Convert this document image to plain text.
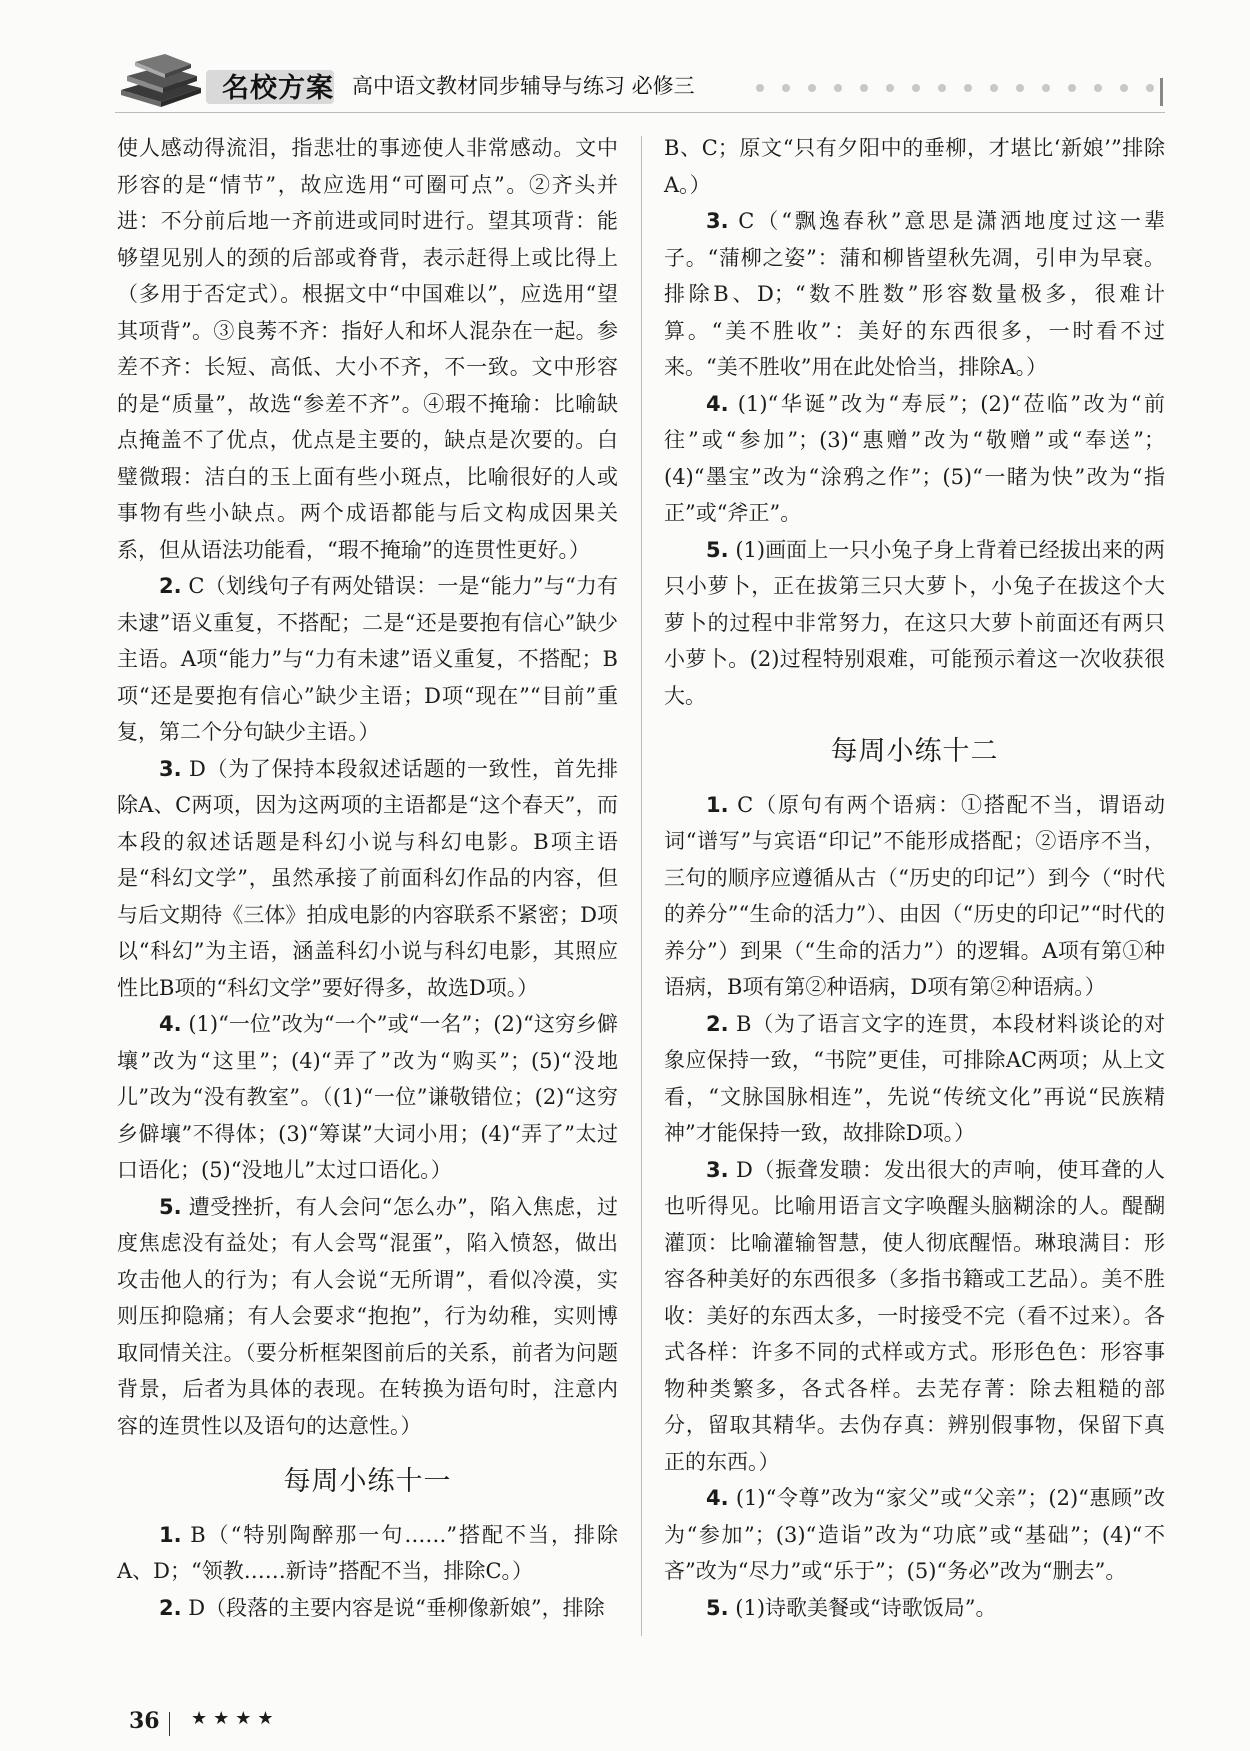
名校方案 高中语文教材同步辅导与练习 必修三

使人感动得流泪，指悲壮的事迹使人非常感动。文中形容的是“情节”，故应选用“可圈可点”。②齐头并进：不分前后地一齐前进或同时进行。望其项背：能够望见别人的颈的后部或脊背，表示赶得上或比得上（多用于否定式）。根据文中“中国难以”，应选用“望其项背”。③良莠不齐：指好人和坏人混杂在一起。参差不齐：长短、高低、大小不齐，不一致。文中形容的是“质量”，故选“参差不齐”。④瑕不掩瑜：比喻缺点掩盖不了优点，优点是主要的，缺点是次要的。白璧微瑕：洁白的玉上面有些小斑点，比喻很好的人或事物有些小缺点。两个成语都能与后文构成因果关系，但从语法功能看，“瑕不掩瑜”的连贯性更好。）

2. C（划线句子有两处错误：一是“能力”与“力有未逮”语义重复，不搭配；二是“还是要抱有信心”缺少主语。A项“能力”与“力有未逮”语义重复，不搭配；B项“还是要抱有信心”缺少主语；D项“现在”“目前”重复，第二个分句缺少主语。）

3. D（为了保持本段叙述话题的一致性，首先排除A、C两项，因为这两项的主语都是“这个春天”，而本段的叙述话题是科幻小说与科幻电影。B项主语是“科幻文学”，虽然承接了前面科幻作品的内容，但与后文期待《三体》拍成电影的内容联系不紧密；D项以“科幻”为主语，涵盖科幻小说与科幻电影，其照应性比B项的“科幻文学”要好得多，故选D项。）

4. (1)“一位”改为“一个”或“一名”；(2)“这穷乡僻壤”改为“这里”；(4)“弄了”改为“购买”；(5)“没地儿”改为“没有教室”。（(1)“一位”谦敬错位；(2)“这穷乡僻壤”不得体；(3)“筹谋”大词小用；(4)“弄了”太过口语化；(5)“没地儿”太过口语化。）

5. 遭受挫折，有人会问“怎么办”，陷入焦虑，过度焦虑没有益处；有人会骂“混蛋”，陷入愤怒，做出攻击他人的行为；有人会说“无所谓”，看似冷漠，实则压抑隐痛；有人会要求“抱抱”，行为幼稚，实则博取同情关注。（要分析框架图前后的关系，前者为问题背景，后者为具体的表现。在转换为语句时，注意内容的连贯性以及语句的达意性。）

每周小练十一

1. B（“特别陶醉那一句……”搭配不当，排除A、D；“领教……新诗”搭配不当，排除C。）

2. D（段落的主要内容是说“垂柳像新娘”，排除

B、C；原文“只有夕阳中的垂柳，才堪比‘新娘’”排除A。）

3. C（“飘逸春秋”意思是潇洒地度过这一辈子。“蒲柳之姿”：蒲和柳皆望秋先凋，引申为早衰。排除B、D；“数不胜数”形容数量极多，很难计算。“美不胜收”：美好的东西很多，一时看不过来。“美不胜收”用在此处恰当，排除A。）

4. (1)“华诞”改为“寿辰”；(2)“莅临”改为“前往”或“参加”；(3)“惠赠”改为“敬赠”或“奉送”；(4)“墨宝”改为“涂鸦之作”；(5)“一睹为快”改为“指正”或“斧正”。

5. (1)画面上一只小兔子身上背着已经拔出来的两只小萝卜，正在拔第三只大萝卜，小兔子在拔这个大萝卜的过程中非常努力，在这只大萝卜前面还有两只小萝卜。(2)过程特别艰难，可能预示着这一次收获很大。

每周小练十二

1. C（原句有两个语病：①搭配不当，谓语动词“谱写”与宾语“印记”不能形成搭配；②语序不当，三句的顺序应遵循从古（“历史的印记”）到今（“时代的养分”“生命的活力”）、由因（“历史的印记”“时代的养分”）到果（“生命的活力”）的逻辑。A项有第①种语病，B项有第②种语病，D项有第②种语病。）

2. B（为了语言文字的连贯，本段材料谈论的对象应保持一致，“书院”更佳，可排除AC两项；从上文看，“文脉国脉相连”，先说“传统文化”再说“民族精神”才能保持一致，故排除D项。）

3. D（振聋发聩：发出很大的声响，使耳聋的人也听得见。比喻用语言文字唤醒头脑糊涂的人。醍醐灌顶：比喻灌输智慧，使人彻底醒悟。琳琅满目：形容各种美好的东西很多（多指书籍或工艺品）。美不胜收：美好的东西太多，一时接受不完（看不过来）。各式各样：许多不同的式样或方式。形形色色：形容事物种类繁多，各式各样。去芜存菁：除去粗糙的部分，留取其精华。去伪存真：辨别假事物，保留下真正的东西。）

4. (1)“令尊”改为“家父”或“父亲”；(2)“惠顾”改为“参加”；(3)“造诣”改为“功底”或“基础”；(4)“不吝”改为“尽力”或“乐于”；(5)“务必”改为“删去”。

5. (1)诗歌美餐或“诗歌饭局”。

36 ★★★★
